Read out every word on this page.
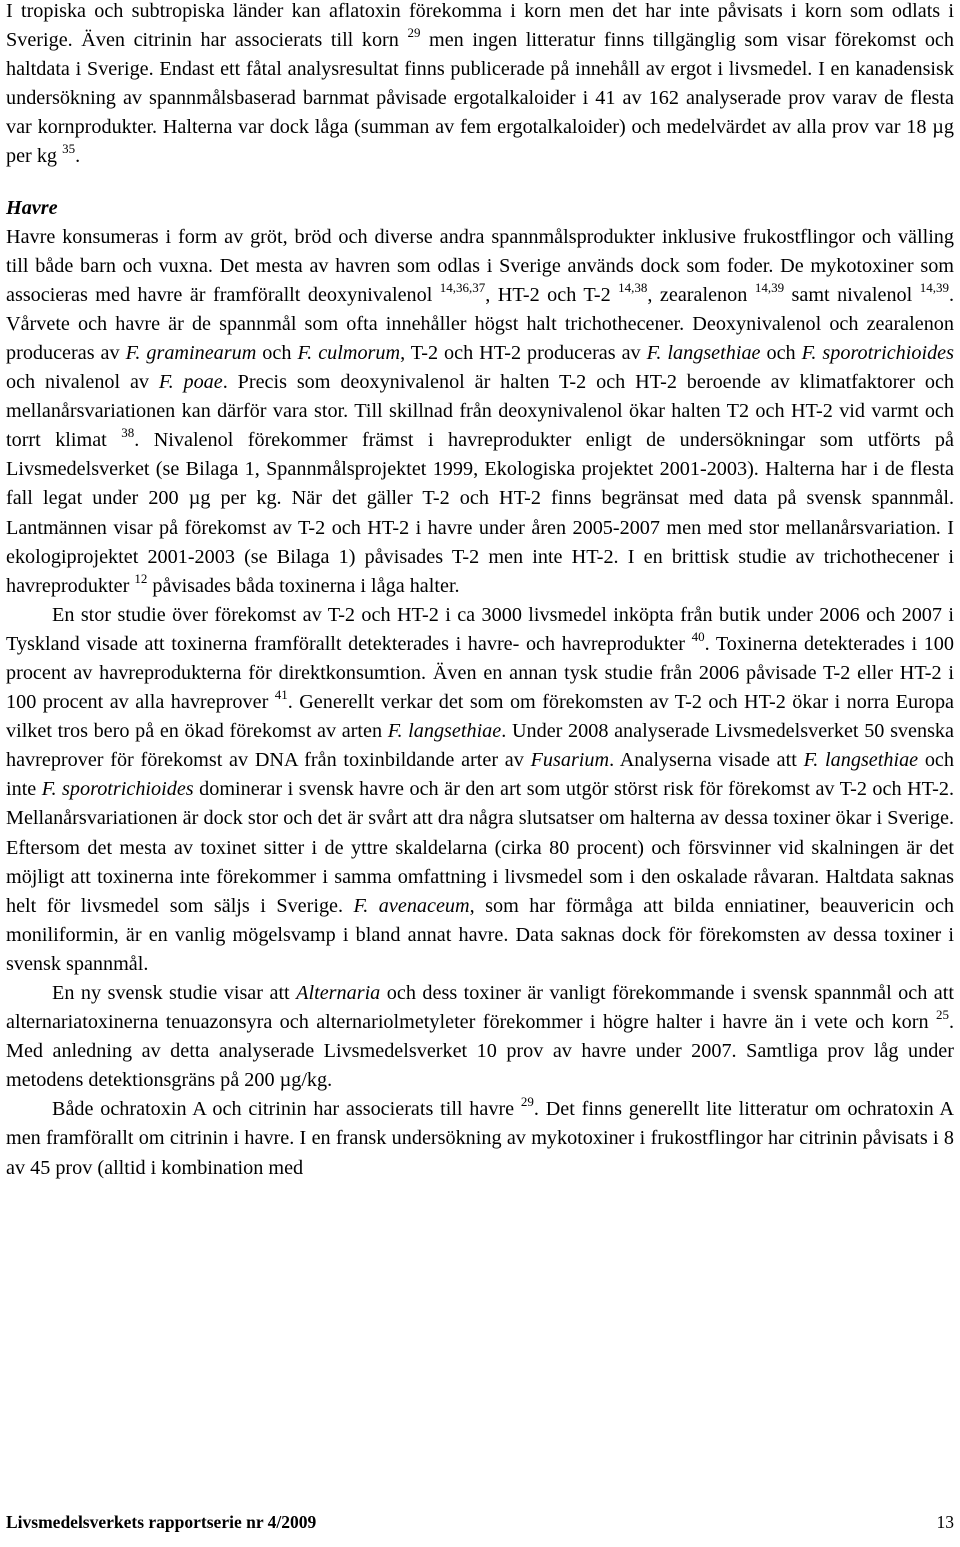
I tropiska och subtropiska länder kan aflatoxin förekomma i korn men det har inte påvisats i korn som odlats i Sverige. Även citrinin har associerats till korn $^{29}$ men ingen litteratur finns tillgänglig som visar förekomst och haltdata i Sverige. Endast ett fåtal analysresultat finns publicerade på innehåll av ergot i livsmedel. I en kanadensisk undersökning av spannmålsbaserad barnmat påvisade ergotalkaloider i 41 av 162 analyserade prov varav de flesta var kornprodukter. Halterna var dock låga (summan av fem ergotalkaloider) och medelvärdet av alla prov var 18 µg per kg $^{35}$.

Havre

Havre konsumeras i form av gröt, bröd och diverse andra spannmålsprodukter inklusive frukostflingor och välling till både barn och vuxna. Det mesta av havren som odlas i Sverige används dock som foder. De mykotoxiner som associeras med havre är framförallt deoxynivalenol $^{14,36,37}$, HT-2 och T-2 $^{14,38}$, zearalenon $^{14,39}$ samt nivalenol $^{14,39}$. Vårvete och havre är de spannmål som ofta innehåller högst halt trichothecener. Deoxynivalenol och zearalenon produceras av F. graminearum och F. culmorum, T-2 och HT-2 produceras av F. langsethiae och F. sporotrichioides och nivalenol av F. poae. Precis som deoxynivalenol är halten T-2 och HT-2 beroende av klimatfaktorer och mellanårsvariationen kan därför vara stor. Till skillnad från deoxynivalenol ökar halten T2 och HT-2 vid varmt och torrt klimat $^{38}$. Nivalenol förekommer främst i havreprodukter enligt de undersökningar som utförts på Livsmedelsverket (se Bilaga 1, Spannmålsprojektet 1999, Ekologiska projektet 2001-2003). Halterna har i de flesta fall legat under 200 µg per kg. När det gäller T-2 och HT-2 finns begränsat med data på svensk spannmål. Lantmännen visar på förekomst av T-2 och HT-2 i havre under åren 2005-2007 men med stor mellanårsvariation. I ekologiprojektet 2001-2003 (se Bilaga 1) påvisades T-2 men inte HT-2. I en brittisk studie av trichothecener i havreprodukter $^{12}$ påvisades båda toxinerna i låga halter.

En stor studie över förekomst av T-2 och HT-2 i ca 3000 livsmedel inköpta från butik under 2006 och 2007 i Tyskland visade att toxinerna framförallt detekterades i havre- och havreprodukter $^{40}$. Toxinerna detekterades i 100 procent av havreprodukterna för direktkonsumtion. Även en annan tysk studie från 2006 påvisade T-2 eller HT-2 i 100 procent av alla havreprover $^{41}$. Generellt verkar det som om förekomsten av T-2 och HT-2 ökar i norra Europa vilket tros bero på en ökad förekomst av arten F. langsethiae. Under 2008 analyserade Livsmedelsverket 50 svenska havreprover för förekomst av DNA från toxinbildande arter av Fusarium. Analyserna visade att F. langsethiae och inte F. sporotrichioides dominerar i svensk havre och är den art som utgör störst risk för förekomst av T-2 och HT-2. Mellanårsvariationen är dock stor och det är svårt att dra några slutsatser om halterna av dessa toxiner ökar i Sverige. Eftersom det mesta av toxinet sitter i de yttre skaldelarna (cirka 80 procent) och försvinner vid skalningen är det möjligt att toxinerna inte förekommer i samma omfattning i livsmedel som i den oskalade råvaran. Haltdata saknas helt för livsmedel som säljs i Sverige. F. avenaceum, som har förmåga att bilda enniatiner, beauvericin och moniliformin, är en vanlig mögelsvamp i bland annat havre. Data saknas dock för förekomsten av dessa toxiner i svensk spannmål.

En ny svensk studie visar att Alternaria och dess toxiner är vanligt förekommande i svensk spannmål och att alternariatoxinerna tenuazonsyra och alternariolmetyleter förekommer i högre halter i havre än i vete och korn $^{25}$. Med anledning av detta analyserade Livsmedelsverket 10 prov av havre under 2007. Samtliga prov låg under metodens detektionsgräns på 200 µg/kg.

Både ochratoxin A och citrinin har associerats till havre $^{29}$. Det finns generellt lite litteratur om ochratoxin A men framförallt om citrinin i havre. I en fransk undersökning av mykotoxiner i frukostflingor har citrinin påvisats i 8 av 45 prov (alltid i kombination med

Livsmedelsverkets rapportserie nr 4/2009	13
